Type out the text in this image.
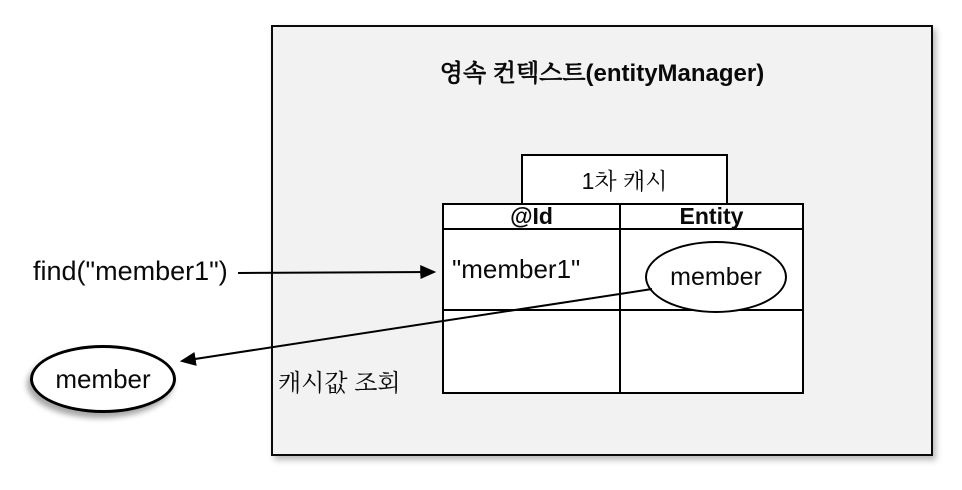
영속 컨텍스트(entityManager)
1차 캐시
@Id	Entity
"member1"	member
find("member1")
member	캐시값 조회
